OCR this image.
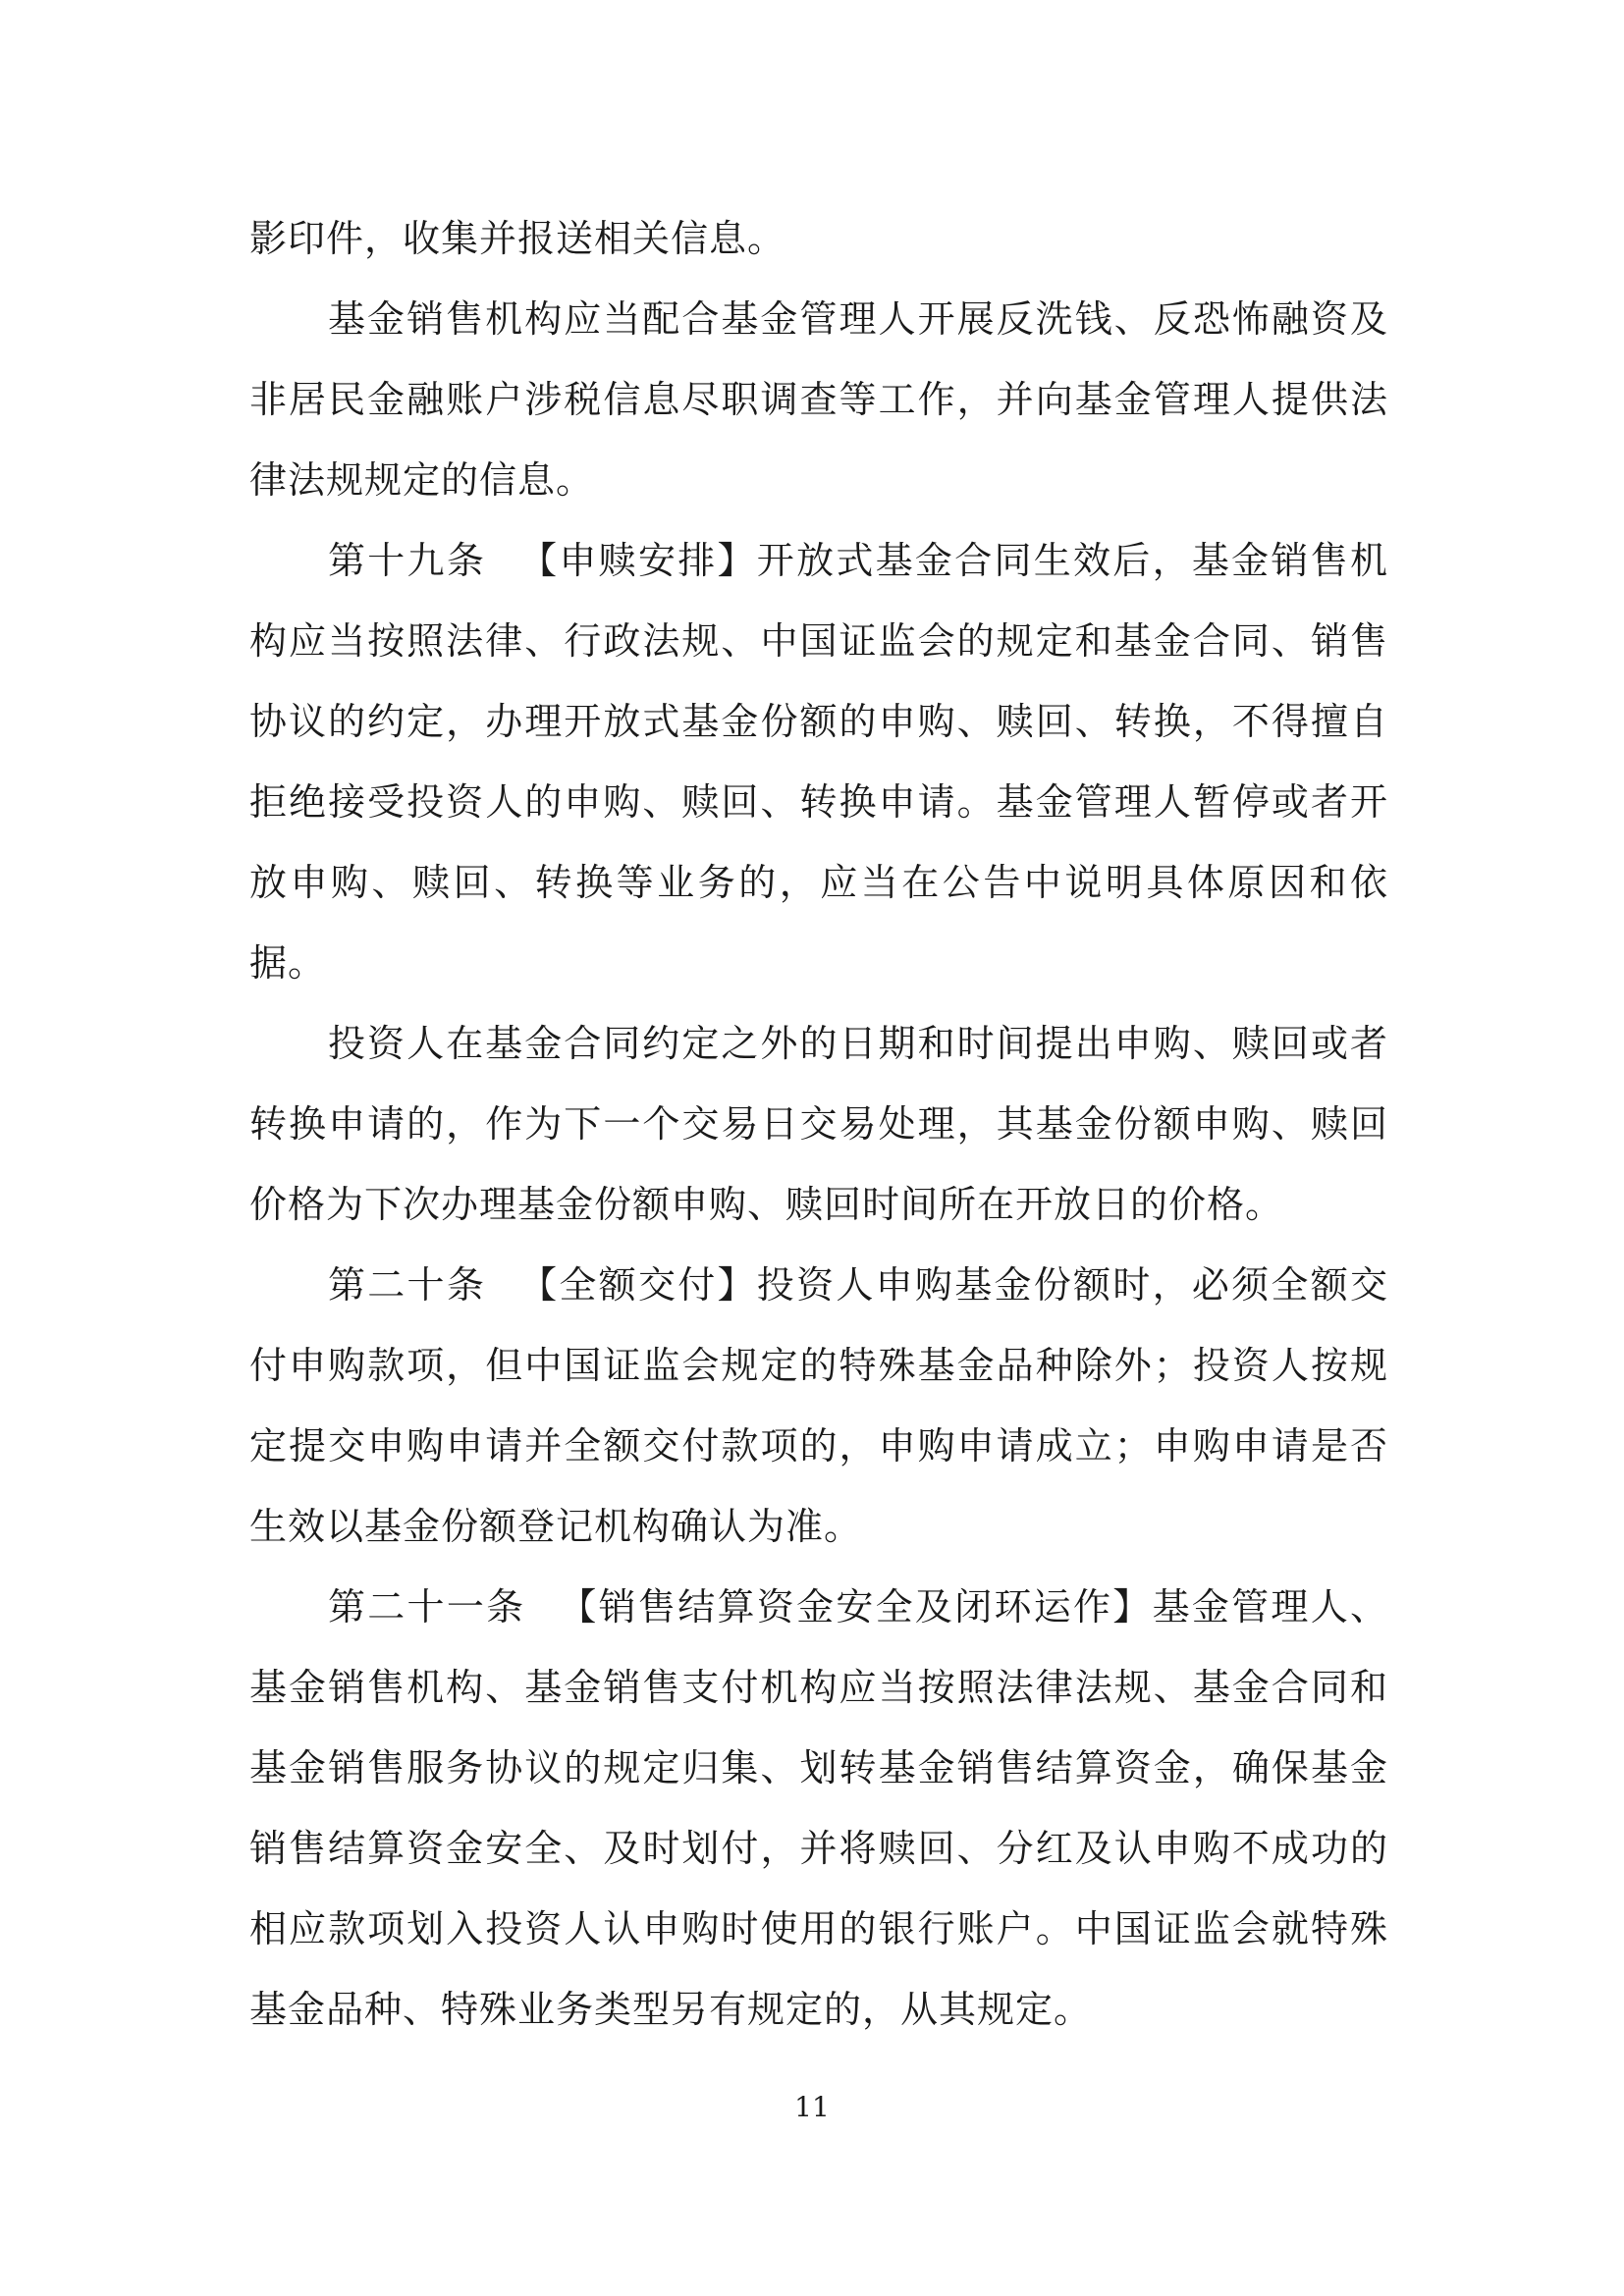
影印件，收集并报送相关信息。

基金销售机构应当配合基金管理人开展反洗钱、反恐怖融资及非居民金融账户涉税信息尽职调查等工作，并向基金管理人提供法律法规规定的信息。

第十九条 【申赎安排】开放式基金合同生效后，基金销售机构应当按照法律、行政法规、中国证监会的规定和基金合同、销售协议的约定，办理开放式基金份额的申购、赎回、转换，不得擅自拒绝接受投资人的申购、赎回、转换申请。基金管理人暂停或者开放申购、赎回、转换等业务的，应当在公告中说明具体原因和依据。

投资人在基金合同约定之外的日期和时间提出申购、赎回或者转换申请的，作为下一个交易日交易处理，其基金份额申购、赎回价格为下次办理基金份额申购、赎回时间所在开放日的价格。

第二十条 【全额交付】投资人申购基金份额时，必须全额交付申购款项，但中国证监会规定的特殊基金品种除外；投资人按规定提交申购申请并全额交付款项的，申购申请成立；申购申请是否生效以基金份额登记机构确认为准。

第二十一条 【销售结算资金安全及闭环运作】基金管理人、基金销售机构、基金销售支付机构应当按照法律法规、基金合同和基金销售服务协议的规定归集、划转基金销售结算资金，确保基金销售结算资金安全、及时划付，并将赎回、分红及认申购不成功的相应款项划入投资人认申购时使用的银行账户。中国证监会就特殊基金品种、特殊业务类型另有规定的，从其规定。

11
